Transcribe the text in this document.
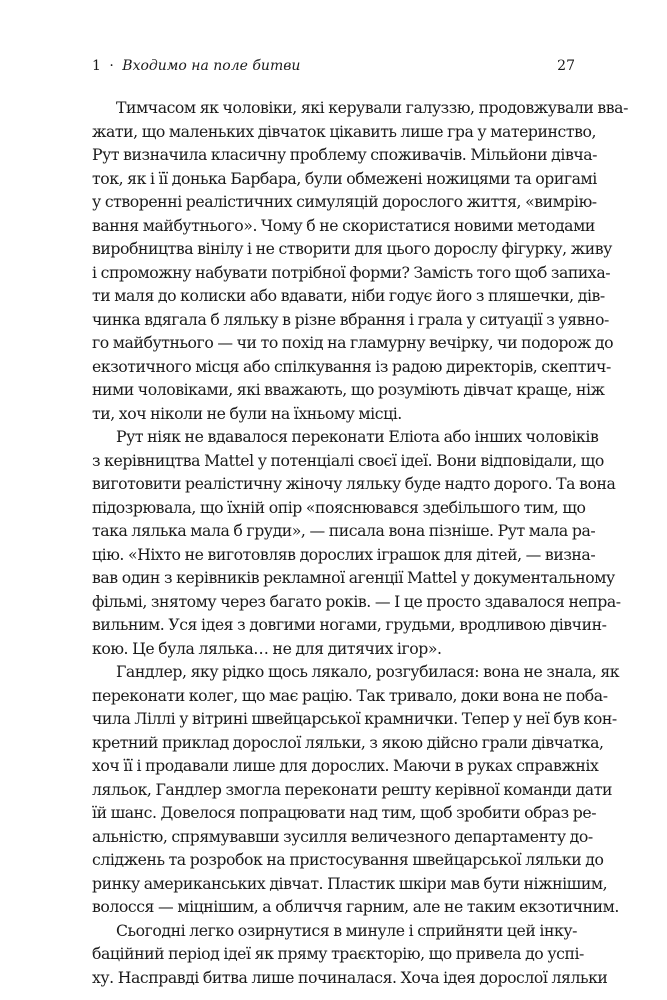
1 · Входимо на поле битви	27
Тимчасом як чоловіки, які керували галуззю, продовжували вва-
жати, що маленьких дівчаток цікавить лише гра у материнство,
Рут визначила класичну проблему споживачів. Мільйони дівча-
ток, як і її донька Барбара, були обмежені ножицями та оригамі
у створенні реалістичних симуляцій дорослого життя, «вимрію-
вання майбутнього». Чому б не скористатися новими методами
виробництва вінілу і не створити для цього дорослу фігурку, живу
і спроможну набувати потрібної форми? Замість того щоб запиха-
ти маля до колиски або вдавати, ніби годує його з пляшечки, дів-
чинка вдягала б ляльку в різне вбрання і грала у ситуації з уявно-
го майбутнього — чи то похід на гламурну вечірку, чи подорож до
екзотичного місця або спілкування із радою директорів, скептич-
ними чоловіками, які вважають, що розуміють дівчат краще, ніж
ти, хоч ніколи не були на їхньому місці.
Рут ніяк не вдавалося переконати Еліота або інших чоловіків
з керівництва Mattel у потенціалі своєї ідеї. Вони відповідали, що
виготовити реалістичну жіночу ляльку буде надто дорого. Та вона
підозрювала, що їхній опір «пояснювався здебільшого тим, що
така лялька мала б груди», — писала вона пізніше. Рут мала ра-
цію. «Ніхто не виготовляв дорослих іграшок для дітей, — визна-
вав один з керівників рекламної агенції Mattel у документальному
фільмі, знятому через багато років. — І це просто здавалося непра-
вильним. Уся ідея з довгими ногами, грудьми, вродливою дівчин-
кою. Це була лялька… не для дитячих ігор».
Гандлер, яку рідко щось лякало, розгубилася: вона не знала, як
переконати колег, що має рацію. Так тривало, доки вона не поба-
чила Ліллі у вітрині швейцарської крамнички. Тепер у неї був кон-
кретний приклад дорослої ляльки, з якою дійсно грали дівчатка,
хоч її і продавали лише для дорослих. Маючи в руках справжніх
ляльок, Гандлер змогла переконати решту керівної команди дати
їй шанс. Довелося попрацювати над тим, щоб зробити образ ре-
альністю, спрямувавши зусилля величезного департаменту до-
сліджень та розробок на пристосування швейцарської ляльки до
ринку американських дівчат. Пластик шкіри мав бути ніжнішим,
волосся — міцнішим, а обличчя гарним, але не таким екзотичним.
Сьогодні легко озирнутися в минуле і сприйняти цей інку-
баційний період ідеї як пряму траєкторію, що привела до успі-
ху. Насправді битва лише починалася. Хоча ідея дорослої ляльки
